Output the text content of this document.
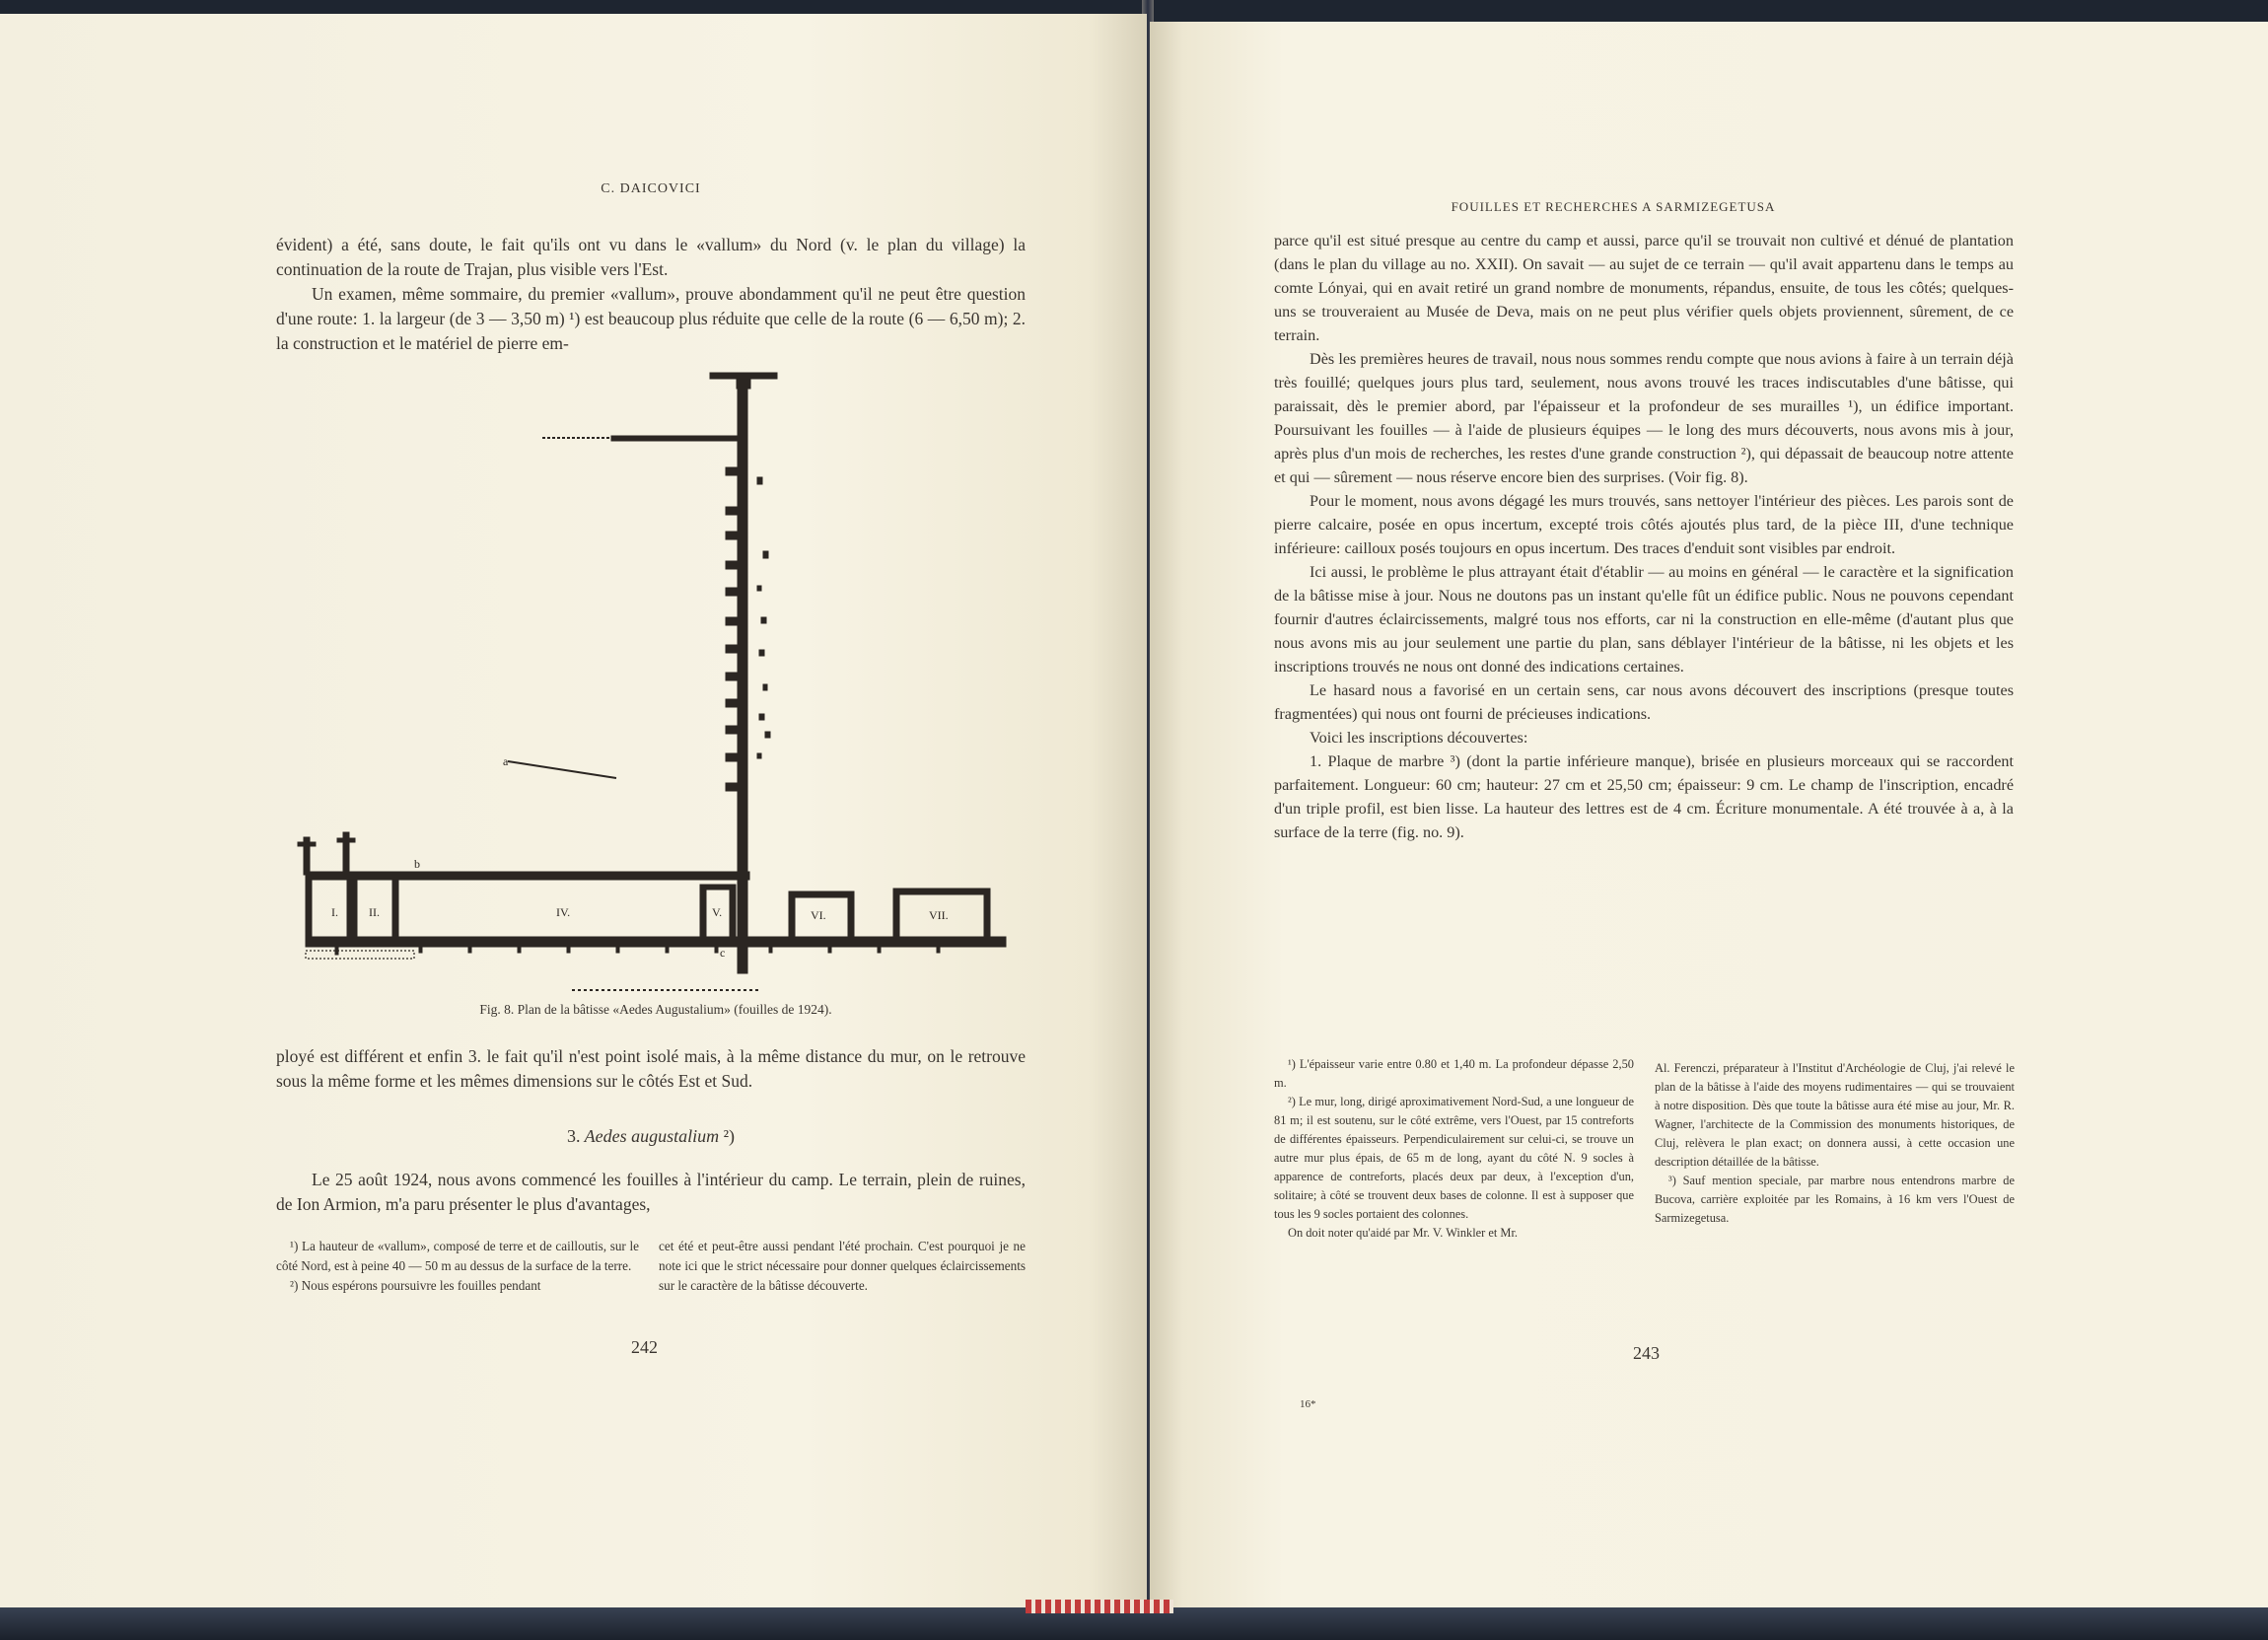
C. DAICOVICI

évident) a été, sans doute, le fait qu'ils ont vu dans le «vallum» du Nord (v. le plan du village) la continuation de la route de Trajan, plus visible vers l'Est.

Un examen, même sommaire, du premier «vallum», prouve abondamment qu'il ne peut être question d'une route: 1. la largeur (de 3 — 3,50 m) ¹) est beaucoup plus réduite que celle de la route (6 — 6,50 m); 2. la construction et le matériel de pierre em-

I.	II.	IV.	V.	VI.	VII.
a
b
c
Fig. 8. Plan de la bâtisse «Aedes Augustalium» (fouilles de 1924).

ployé est différent et enfin 3. le fait qu'il n'est point isolé mais, à la même distance du mur, on le retrouve sous la même forme et les mêmes dimensions sur le côtés Est et Sud.

3. Aedes augustalium ²)

Le 25 août 1924, nous avons commencé les fouilles à l'intérieur du camp. Le terrain, plein de ruines, de Ion Armion, m'a paru présenter le plus d'avantages,

¹) La hauteur de «vallum», composé de terre et de cailloutis, sur le côté Nord, est à peine 40 — 50 m au dessus de la surface de la terre.

²) Nous espérons poursuivre les fouilles pendant

cet été et peut-être aussi pendant l'été prochain. C'est pourquoi je ne note ici que le strict nécessaire pour donner quelques éclaircissements sur le caractère de la bâtisse découverte.

242
FOUILLES ET RECHERCHES A SARMIZEGETUSA

parce qu'il est situé presque au centre du camp et aussi, parce qu'il se trouvait non cultivé et dénué de plantation (dans le plan du village au no. XXII). On savait — au sujet de ce terrain — qu'il avait appartenu dans le temps au comte Lónyai, qui en avait retiré un grand nombre de monuments, répandus, ensuite, de tous les côtés; quelques-uns se trouveraient au Musée de Deva, mais on ne peut plus vérifier quels objets proviennent, sûrement, de ce terrain.

Dès les premières heures de travail, nous nous sommes rendu compte que nous avions à faire à un terrain déjà très fouillé; quelques jours plus tard, seulement, nous avons trouvé les traces indiscutables d'une bâtisse, qui paraissait, dès le premier abord, par l'épaisseur et la profondeur de ses murailles ¹), un édifice important. Poursuivant les fouilles — à l'aide de plusieurs équipes — le long des murs découverts, nous avons mis à jour, après plus d'un mois de recherches, les restes d'une grande construction ²), qui dépassait de beaucoup notre attente et qui — sûrement — nous réserve encore bien des surprises. (Voir fig. 8).

Pour le moment, nous avons dégagé les murs trouvés, sans nettoyer l'intérieur des pièces. Les parois sont de pierre calcaire, posée en opus incertum, excepté trois côtés ajoutés plus tard, de la pièce III, d'une technique inférieure: cailloux posés toujours en opus incertum. Des traces d'enduit sont visibles par endroit.

Ici aussi, le problème le plus attrayant était d'établir — au moins en général — le caractère et la signification de la bâtisse mise à jour. Nous ne doutons pas un instant qu'elle fût un édifice public. Nous ne pouvons cependant fournir d'autres éclaircissements, malgré tous nos efforts, car ni la construction en elle-même (d'autant plus que nous avons mis au jour seulement une partie du plan, sans déblayer l'intérieur de la bâtisse, ni les objets et les inscriptions trouvés ne nous ont donné des indications certaines.

Le hasard nous a favorisé en un certain sens, car nous avons découvert des inscriptions (presque toutes fragmentées) qui nous ont fourni de précieuses indications.

Voici les inscriptions découvertes:

1. Plaque de marbre ³) (dont la partie inférieure manque), brisée en plusieurs morceaux qui se raccordent parfaitement. Longueur: 60 cm; hauteur: 27 cm et 25,50 cm; épaisseur: 9 cm. Le champ de l'inscription, encadré d'un triple profil, est bien lisse. La hauteur des lettres est de 4 cm. Écriture monumentale. A été trouvée à a, à la surface de la terre (fig. no. 9).

¹) L'épaisseur varie entre 0.80 et 1,40 m. La profondeur dépasse 2,50 m.

²) Le mur, long, dirigé aproximativement Nord-Sud, a une longueur de 81 m; il est soutenu, sur le côté extrême, vers l'Ouest, par 15 contreforts de différentes épaisseurs. Perpendiculairement sur celui-ci, se trouve un autre mur plus épais, de 65 m de long, ayant du côté N. 9 socles à apparence de contreforts, placés deux par deux, à l'exception d'un, solitaire; à côté se trouvent deux bases de colonne. Il est à supposer que tous les 9 socles portaient des colonnes.

On doit noter qu'aidé par Mr. V. Winkler et Mr.

Al. Ferenczi, préparateur à l'Institut d'Archéologie de Cluj, j'ai relevé le plan de la bâtisse à l'aide des moyens rudimentaires — qui se trouvaient à notre disposition. Dès que toute la bâtisse aura été mise au jour, Mr. R. Wagner, l'architecte de la Commission des monuments historiques, de Cluj, relèvera le plan exact; on donnera aussi, à cette occasion une description détaillée de la bâtisse.

³) Sauf mention speciale, par marbre nous entendrons marbre de Bucova, carrière exploitée par les Romains, à 16 km vers l'Ouest de Sarmizegetusa.

243
16*
